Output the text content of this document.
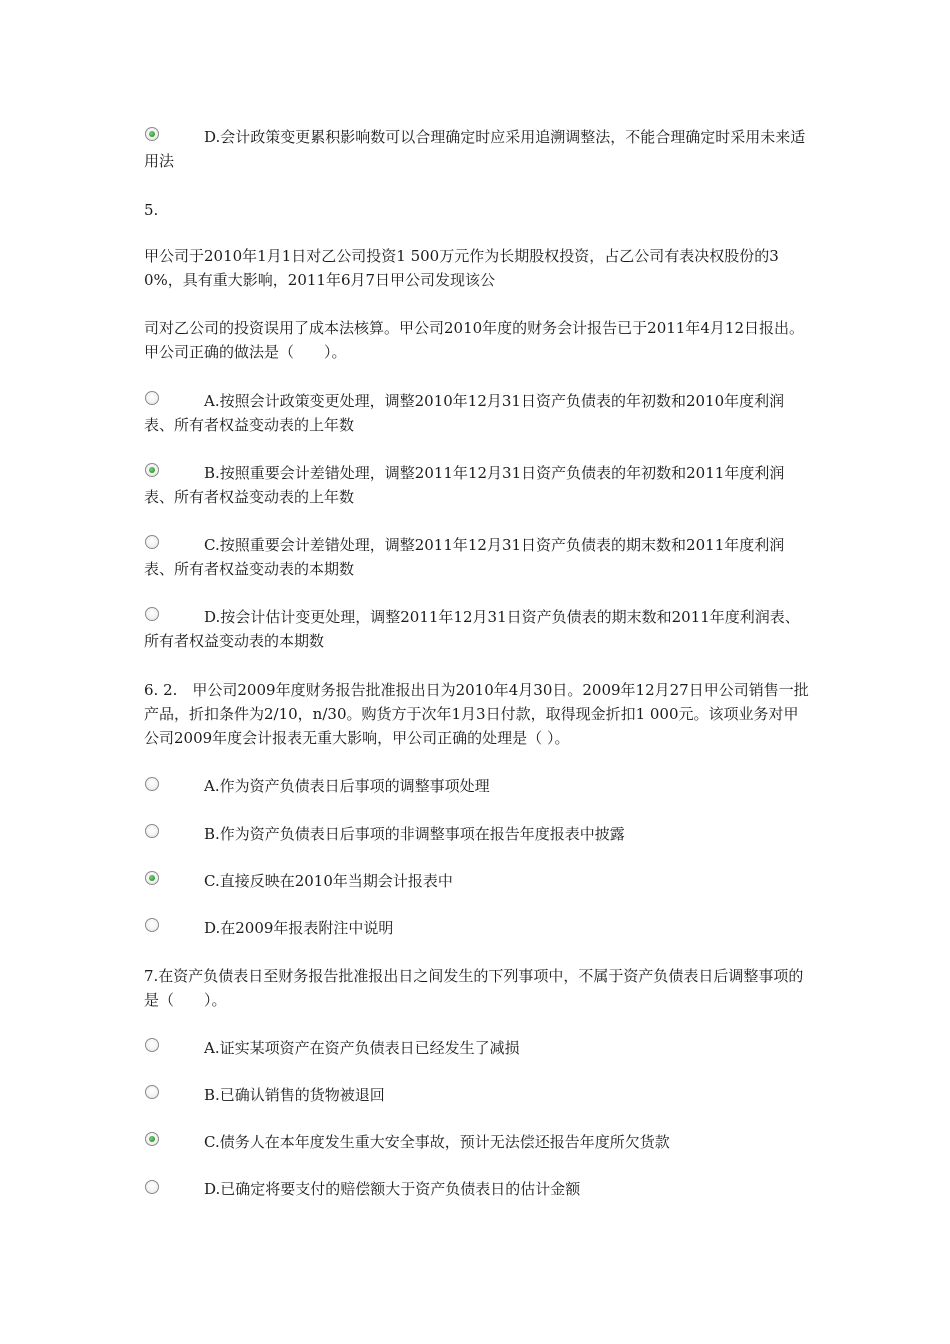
D.会计政策变更累积影响数可以合理确定时应采用追溯调整法，不能合理确定时采用未来适用法

5.

甲公司于2010年1月1日对乙公司投资1 500万元作为长期股权投资，占乙公司有表决权股份的30%，具有重大影响，2011年6月7日甲公司发现该公

司对乙公司的投资误用了成本法核算。甲公司2010年度的财务会计报告已于2011年4月12日报出。甲公司正确的做法是（　　）。

A.按照会计政策变更处理，调整2010年12月31日资产负债表的年初数和2010年度利润表、所有者权益变动表的上年数

B.按照重要会计差错处理，调整2011年12月31日资产负债表的年初数和2011年度利润表、所有者权益变动表的上年数

C.按照重要会计差错处理，调整2011年12月31日资产负债表的期末数和2011年度利润表、所有者权益变动表的本期数

D.按会计估计变更处理，调整2011年12月31日资产负债表的期末数和2011年度利润表、所有者权益变动表的本期数

6. 2.　甲公司2009年度财务报告批准报出日为2010年4月30日。2009年12月27日甲公司销售一批产品，折扣条件为2/10，n/30。购货方于次年1月3日付款，取得现金折扣1 000元。该项业务对甲公司2009年度会计报表无重大影响，甲公司正确的处理是（ ）。

A.作为资产负债表日后事项的调整事项处理

B.作为资产负债表日后事项的非调整事项在报告年度报表中披露

C.直接反映在2010年当期会计报表中

D.在2009年报表附注中说明

7.在资产负债表日至财务报告批准报出日之间发生的下列事项中，不属于资产负债表日后调整事项的是（　　）。

A.证实某项资产在资产负债表日已经发生了减损

B.已确认销售的货物被退回

C.债务人在本年度发生重大安全事故，预计无法偿还报告年度所欠货款

D.已确定将要支付的赔偿额大于资产负债表日的估计金额
